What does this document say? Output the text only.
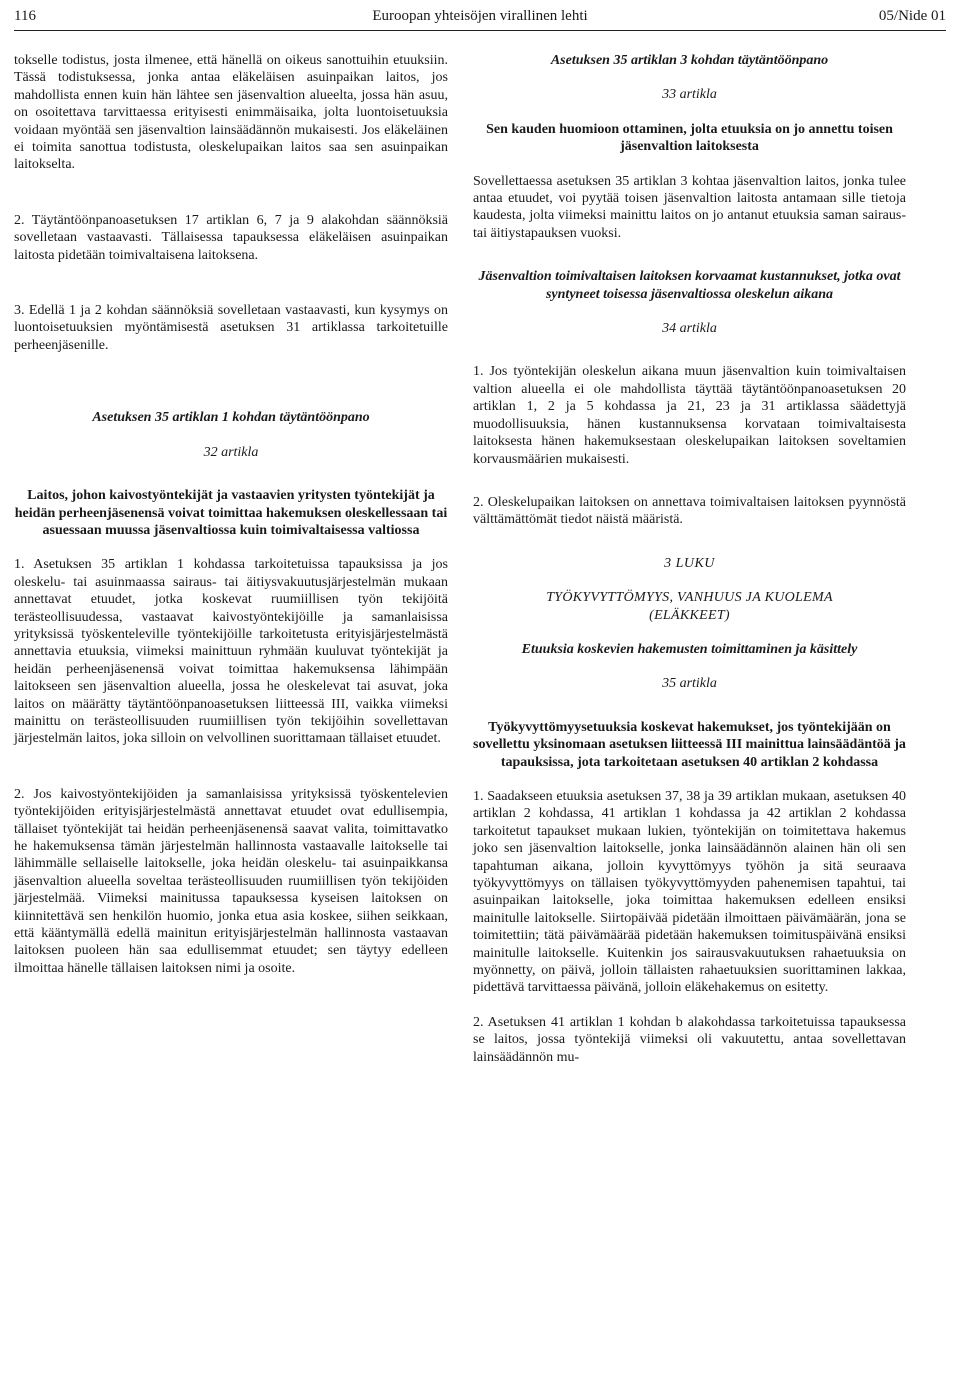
116	Euroopan yhteisöjen virallinen lehti	05/Nide 01

tokselle todistus, josta ilmenee, että hänellä on oikeus sanottuihin etuuksiin. Tässä todistuksessa, jonka antaa eläkeläisen asuinpaikan laitos, jos mahdollista ennen kuin hän lähtee sen jäsenvaltion alueelta, jossa hän asuu, on osoitettava tarvittaessa erityisesti enimmäisaika, jolta luontoisetuuksia voidaan myöntää sen jäsenvaltion lainsäädännön mukaisesti. Jos eläkeläinen ei toimita sanottua todistusta, oleskelupaikan laitos saa sen asuinpaikan laitokselta.

2. Täytäntöönpanoasetuksen 17 artiklan 6, 7 ja 9 alakohdan säännöksiä sovelletaan vastaavasti. Tällaisessa tapauksessa eläkeläisen asuinpaikan laitosta pidetään toimivaltaisena laitoksena.

3. Edellä 1 ja 2 kohdan säännöksiä sovelletaan vastaavasti, kun kysymys on luontoisetuuksien myöntämisestä asetuksen 31 artiklassa tarkoitetuille perheenjäsenille.

Asetuksen 35 artiklan 1 kohdan täytäntöönpano

32 artikla

Laitos, johon kaivostyöntekijät ja vastaavien yritysten työntekijät ja heidän perheenjäsenensä voivat toimittaa hakemuksen oleskellessaan tai asuessaan muussa jäsenvaltiossa kuin toimivaltaisessa valtiossa

1. Asetuksen 35 artiklan 1 kohdassa tarkoitetuissa tapauksissa ja jos oleskelu- tai asuinmaassa sairaus- tai äitiysvakuutusjärjestelmän mukaan annettavat etuudet, jotka koskevat ruumiillisen työn tekijöitä terästeollisuudessa, vastaavat kaivostyöntekijöille ja samanlaisissa yrityksissä työskenteleville työntekijöille tarkoitetusta erityisjärjestelmästä annettavia etuuksia, viimeksi mainittuun ryhmään kuuluvat työntekijät ja heidän perheenjäsenensä voivat toimittaa hakemuksensa lähimpään laitokseen sen jäsenvaltion alueella, jossa he oleskelevat tai asuvat, joka laitos on määrätty täytäntöönpanoasetuksen liitteessä III, vaikka viimeksi mainittu on terästeollisuuden ruumiillisen työn tekijöihin sovellettavan järjestelmän laitos, joka silloin on velvollinen suorittamaan tällaiset etuudet.

2. Jos kaivostyöntekijöiden ja samanlaisissa yrityksissä työskentelevien työntekijöiden erityisjärjestelmästä annettavat etuudet ovat edullisempia, tällaiset työntekijät tai heidän perheenjäsenensä saavat valita, toimittavatko he hakemuksensa tämän järjestelmän hallinnosta vastaavalle laitokselle tai lähimmälle sellaiselle laitokselle, joka heidän oleskelu- tai asuinpaikkansa jäsenvaltion alueella soveltaa terästeollisuuden ruumiillisen työn tekijöiden järjestelmää. Viimeksi mainitussa tapauksessa kyseisen laitoksen on kiinnitettävä sen henkilön huomio, jonka etua asia koskee, siihen seikkaan, että kääntymällä edellä mainitun erityisjärjestelmän hallinnosta vastaavan laitoksen puoleen hän saa edullisemmat etuudet; sen täytyy edelleen ilmoittaa hänelle tällaisen laitoksen nimi ja osoite.

Asetuksen 35 artiklan 3 kohdan täytäntöönpano

33 artikla

Sen kauden huomioon ottaminen, jolta etuuksia on jo annettu toisen jäsenvaltion laitoksesta

Sovellettaessa asetuksen 35 artiklan 3 kohtaa jäsenvaltion laitos, jonka tulee antaa etuudet, voi pyytää toisen jäsenvaltion laitosta antamaan sille tietoja kaudesta, jolta viimeksi mainittu laitos on jo antanut etuuksia saman sairaus- tai äitiystapauksen vuoksi.

Jäsenvaltion toimivaltaisen laitoksen korvaamat kustannukset, jotka ovat syntyneet toisessa jäsenvaltiossa oleskelun aikana

34 artikla

1. Jos työntekijän oleskelun aikana muun jäsenvaltion kuin toimivaltaisen valtion alueella ei ole mahdollista täyttää täytäntöönpanoasetuksen 20 artiklan 1, 2 ja 5 kohdassa ja 21, 23 ja 31 artiklassa säädettyjä muodollisuuksia, hänen kustannuksensa korvataan toimivaltaisesta laitoksesta hänen hakemuksestaan oleskelupaikan laitoksen soveltamien korvausmäärien mukaisesti.

2. Oleskelupaikan laitoksen on annettava toimivaltaisen laitoksen pyynnöstä välttämättömät tiedot näistä määristä.

3 LUKU

TYÖKYVYTTÖMYYS, VANHUUS JA KUOLEMA

(ELÄKKEET)

Etuuksia koskevien hakemusten toimittaminen ja käsittely

35 artikla

Työkyvyttömyysetuuksia koskevat hakemukset, jos työntekijään on sovellettu yksinomaan asetuksen liitteessä III mainittua lainsäädäntöä ja tapauksissa, jota tarkoitetaan asetuksen 40 artiklan 2 kohdassa

1. Saadakseen etuuksia asetuksen 37, 38 ja 39 artiklan mukaan, asetuksen 40 artiklan 2 kohdassa, 41 artiklan 1 kohdassa ja 42 artiklan 2 kohdassa tarkoitetut tapaukset mukaan lukien, työntekijän on toimitettava hakemus joko sen jäsenvaltion laitokselle, jonka lainsäädännön alainen hän oli sen tapahtuman aikana, jolloin kyvyttömyys työhön ja sitä seuraava työkyvyttömyys on tällaisen työkyvyttömyyden pahenemisen tapahtui, tai asuinpaikan laitokselle, joka toimittaa hakemuksen edelleen ensiksi mainitulle laitokselle. Siirtopäivää pidetään ilmoittaen päivämäärän, jona se toimitettiin; tätä päivämäärää pidetään hakemuksen toimituspäivänä ensiksi mainitulle laitokselle. Kuitenkin jos sairausvakuutuksen rahaetuuksia on myönnetty, on päivä, jolloin tällaisten rahaetuuksien suorittaminen lakkaa, pidettävä tarvittaessa päivänä, jolloin eläkehakemus on esitetty.

2. Asetuksen 41 artiklan 1 kohdan b alakohdassa tarkoitetuissa tapauksessa se laitos, jossa työntekijä viimeksi oli vakuutettu, antaa sovellettavan lainsäädännön mu-
